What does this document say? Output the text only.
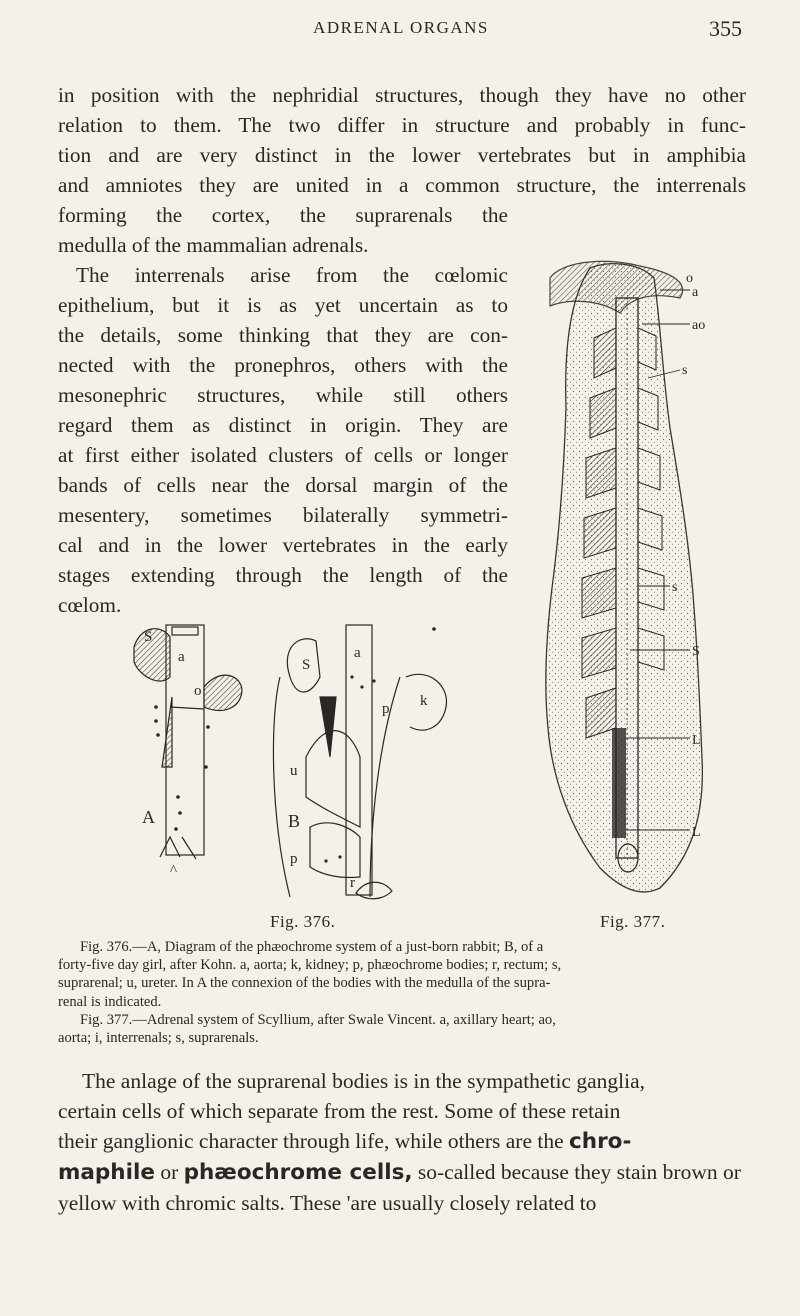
ADRENAL ORGANS	355
in position with the nephridial structures, though they have no other
relation to them. The two differ in structure and probably in func-
tion and are very distinct in the lower vertebrates but in amphibia
and amniotes they are united in a common structure, the interrenals
forming the cortex, the suprarenals the
medulla of the mammalian adrenals.
The interrenals arise from the cœlomic
epithelium, but it is as yet uncertain as to
the details, some thinking that they are con-
nected with the pronephros, others with the
mesonephric structures, while still others
regard them as distinct in origin. They are
at first either isolated clusters of cells or longer
bands of cells near the dorsal margin of the
mesentery, sometimes bilaterally symmetri-
cal and in the lower vertebrates in the early
stages extending through the length of the
cœlom.
o
a
ao
s
s
S
L
L
S
a
o
A
^
S
a
p k
u
B
p
r
Fig. 376.	Fig. 377.
Fig. 376.—A, Diagram of the phæochrome system of a just-born rabbit; B, of a
forty-five day girl, after Kohn. a, aorta; k, kidney; p, phæochrome bodies; r, rectum; s,
suprarenal; u, ureter. In A the connexion of the bodies with the medulla of the supra-
renal is indicated.
Fig. 377.—Adrenal system of Scyllium, after Swale Vincent. a, axillary heart; ao,
aorta; i, interrenals; s, suprarenals.
The anlage of the suprarenal bodies is in the sympathetic ganglia,
certain cells of which separate from the rest. Some of these retain
their ganglionic character through life, while others are the chro-
maphile or phæochrome cells, so-called because they stain brown or
yellow with chromic salts. These 'are usually closely related to
